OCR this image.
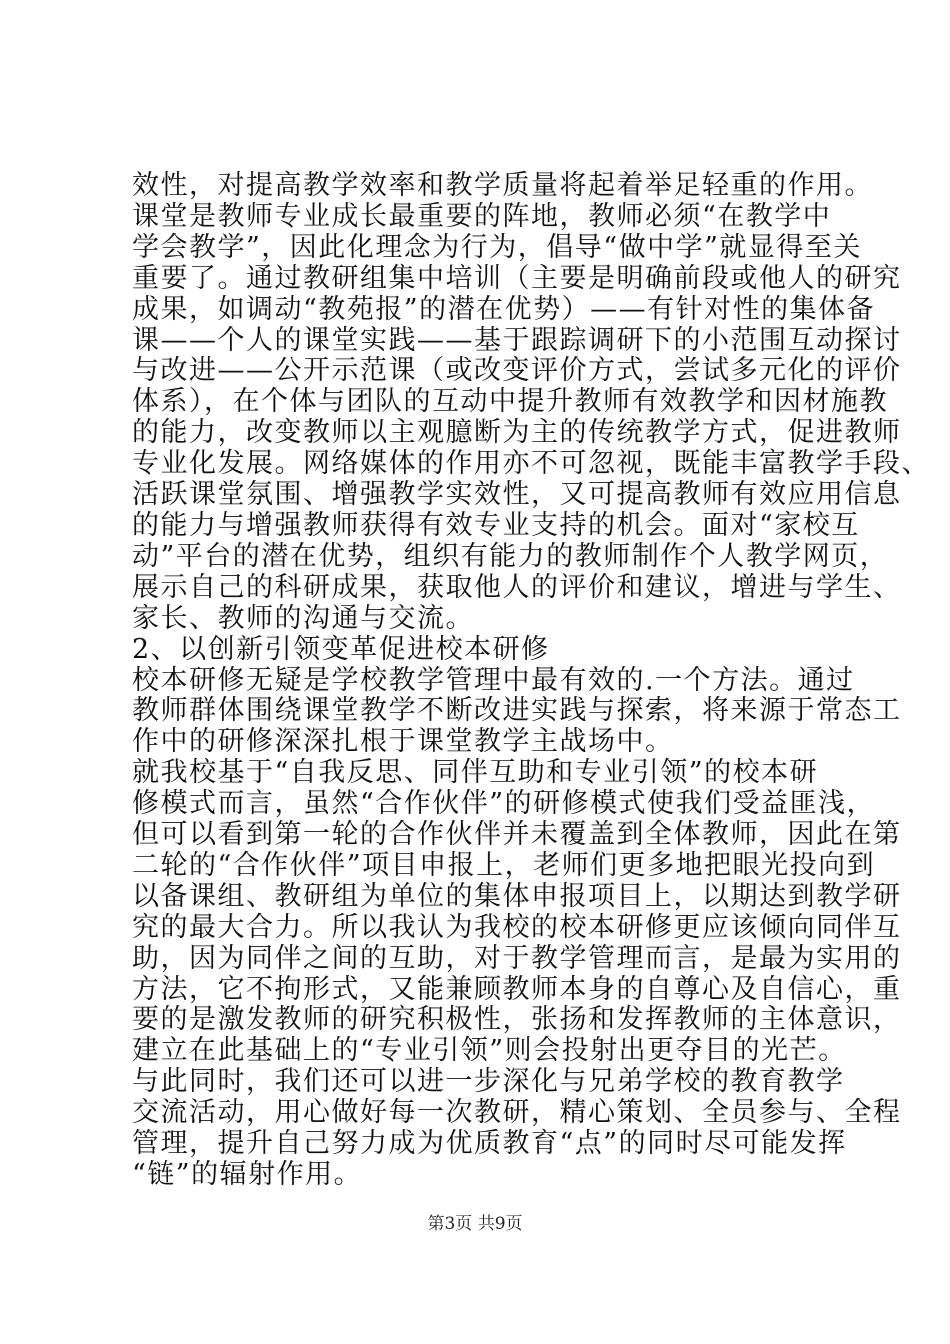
效性，对提高教学效率和教学质量将起着举足轻重的作用。
课堂是教师专业成长最重要的阵地，教师必须“在教学中
学会教学”，因此化理念为行为，倡导“做中学”就显得至关
重要了。通过教研组集中培训（主要是明确前段或他人的研究
成果，如调动“教苑报”的潜在优势）——有针对性的集体备
课——个人的课堂实践——基于跟踪调研下的小范围互动探讨
与改进——公开示范课（或改变评价方式，尝试多元化的评价
体系），在个体与团队的互动中提升教师有效教学和因材施教
的能力，改变教师以主观臆断为主的传统教学方式，促进教师
专业化发展。网络媒体的作用亦不可忽视，既能丰富教学手段、
活跃课堂氛围、增强教学实效性，又可提高教师有效应用信息
的能力与增强教师获得有效专业支持的机会。面对“家校互
动”平台的潜在优势，组织有能力的教师制作个人教学网页，
展示自己的科研成果，获取他人的评价和建议，增进与学生、
家长、教师的沟通与交流。
2、以创新引领变革促进校本研修
校本研修无疑是学校教学管理中最有效的.一个方法。通过
教师群体围绕课堂教学不断改进实践与探索，将来源于常态工
作中的研修深深扎根于课堂教学主战场中。
就我校基于“自我反思、同伴互助和专业引领”的校本研
修模式而言，虽然“合作伙伴”的研修模式使我们受益匪浅，
但可以看到第一轮的合作伙伴并未覆盖到全体教师，因此在第
二轮的“合作伙伴”项目申报上，老师们更多地把眼光投向到
以备课组、教研组为单位的集体申报项目上，以期达到教学研
究的最大合力。所以我认为我校的校本研修更应该倾向同伴互
助，因为同伴之间的互助，对于教学管理而言，是最为实用的
方法，它不拘形式，又能兼顾教师本身的自尊心及自信心，重
要的是激发教师的研究积极性，张扬和发挥教师的主体意识，
建立在此基础上的“专业引领”则会投射出更夺目的光芒。
与此同时，我们还可以进一步深化与兄弟学校的教育教学
交流活动，用心做好每一次教研，精心策划、全员参与、全程
管理，提升自己努力成为优质教育“点”的同时尽可能发挥
“链”的辐射作用。
第3页 共9页
